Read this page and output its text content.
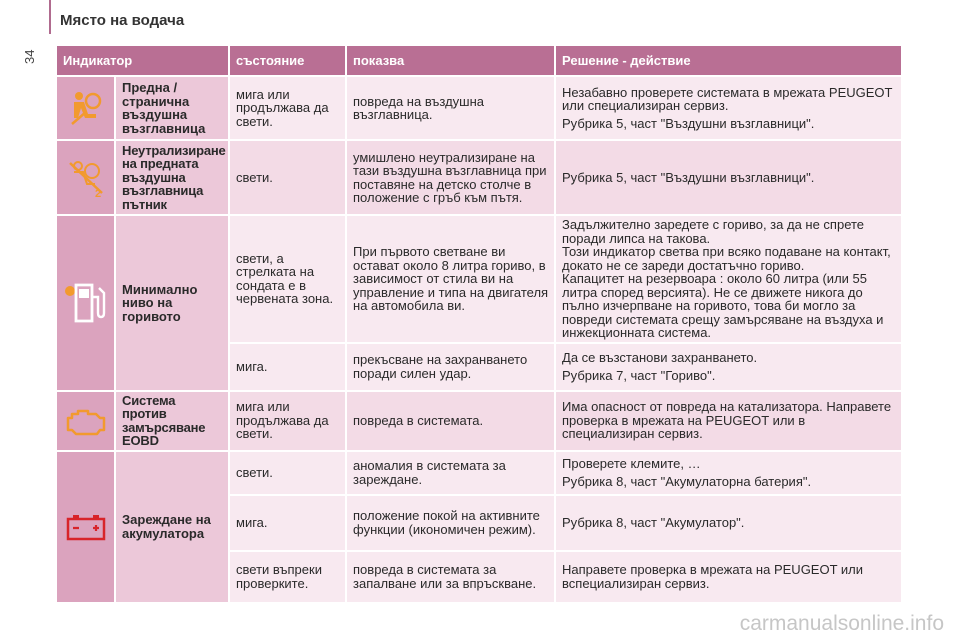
Място на водача
34 Индикатор		състояние	показва	Решение - действие
	Предна / странична въздушна възглавница	мига или продължава да свети.	повреда на въздушна възглавница.	Незабавно проверете системата в мрежата PEUGEOT или специализиран сервиз.

Рубрика 5, част "Въздушни възглавници".

2	Неутрализиране на предната въздушна възглавница пътник	свети.	умишлено неутрализиране на тази въздушна възглавница при поставяне на детско столче в положение с гръб към пътя.	Рубрика 5, част "Въздушни възглавници".

	Минимално ниво на горивото	свети, а стрелката на сондата е в червената зона.	При първото светване ви остават около 8 литра гориво, в зависимост от стила ви на управление и типа на двигателя на автомобила ви.	Задължително заредете с гориво, за да не спрете поради липса на такова.
Този индикатор светва при всяко подаване на контакт, докато не се зареди достатъчно гориво.
Капацитет на резервоара : около 60 литра (или 55 литра според версията). Не се движете никога до пълно изчерпване на горивото, това би могло за повреди системата срещу замърсяване на въздуха и инжекционната система.

		мига.	прекъсване на захранването поради силен удар.	Да се възстанови захранването.

Рубрика 7, част "Гориво".

	Система против замърсяване EOBD	мига или продължава да свети.	повреда в системата.	Има опасност от повреда на катализатора. Направете проверка в мрежата на PEUGEOT или в специализиран сервиз.

	Зареждане на акумулатора	свети.	аномалия в системата за зареждане.	Проверете клемите, …

Рубрика 8, част "Акумулаторна батерия".

		мига.	положение покой на активните функции (икономичен режим).	Рубрика 8, част "Акумулатор".

		свети въпреки проверките.	повреда в системата за запалване или за впръскване.	Направете проверка в мрежата на PEUGEOT или вспециализиран сервиз.

carmanualsonline.info
